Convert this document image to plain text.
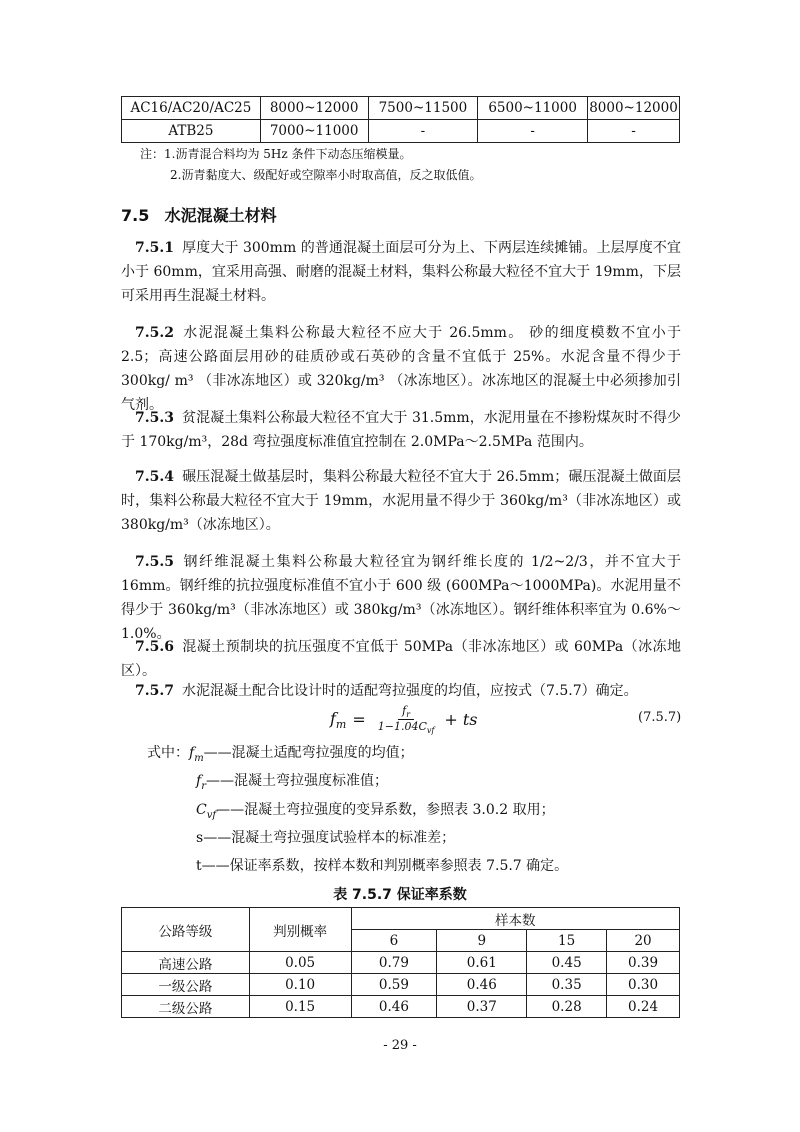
AC16/AC20/AC25	8000~12000	7500~11500	6500~11000	8000~12000
ATB25	7000~11000	-	-	-
注：1.沥青混合料均为 5Hz 条件下动态压缩模量。
2.沥青黏度大、级配好或空隙率小时取高值，反之取低值。
7.5 水泥混凝土材料
7.5.1 厚度大于 300mm 的普通混凝土面层可分为上、下两层连续摊铺。上层厚度不宜小于 60mm，宜采用高强、耐磨的混凝土材料，集料公称最大粒径不宜大于 19mm，下层可采用再生混凝土材料。
7.5.2 水泥混凝土集料公称最大粒径不应大于 26.5mm。 砂的细度模数不宜小于 2.5；高速公路面层用砂的硅质砂或石英砂的含量不宜低于 25%。水泥含量不得少于 300kg/ m³ （非冰冻地区）或 320kg/m³ （冰冻地区）。冰冻地区的混凝土中必须掺加引气剂。
7.5.3 贫混凝土集料公称最大粒径不宜大于 31.5mm，水泥用量在不掺粉煤灰时不得少于 170kg/m³，28d 弯拉强度标准值宜控制在 2.0MPa～2.5MPa 范围内。
7.5.4 碾压混凝土做基层时，集料公称最大粒径不宜大于 26.5mm；碾压混凝土做面层时，集料公称最大粒径不宜大于 19mm，水泥用量不得少于 360kg/m³（非冰冻地区）或 380kg/m³（冰冻地区）。
7.5.5 钢纤维混凝土集料公称最大粒径宜为钢纤维长度的 1/2~2/3，并不宜大于 16mm。钢纤维的抗拉强度标准值不宜小于 600 级 (600MPa～1000MPa)。水泥用量不得少于 360kg/m³（非冰冻地区）或 380kg/m³（冰冻地区）。钢纤维体积率宜为 0.6%～1.0%。
7.5.6 混凝土预制块的抗压强度不宜低于 50MPa（非冰冻地区）或 60MPa（冰冻地区）。
7.5.7 水泥混凝土配合比设计时的适配弯拉强度的均值，应按式（7.5.7）确定。
$f_m = \frac{f_r}{1-1.04C_{vf}}$ + ts	(7.5.7)
式中：$f_m——$混凝土适配弯拉强度的均值；
$f_r——$混凝土弯拉强度标准值；
$C_{vf}——$混凝土弯拉强度的变异系数，参照表 3.0.2 取用；
s——混凝土弯拉强度试验样本的标准差；
t——保证率系数，按样本数和判别概率参照表 7.5.7 确定。
表 7.5.7 保证率系数
公路等级	判别概率	样本数			
		6	9	15	20
高速公路	0.05	0.79	0.61	0.45	0.39
一级公路	0.10	0.59	0.46	0.35	0.30
二级公路	0.15	0.46	0.37	0.28	0.24
- 29 -
